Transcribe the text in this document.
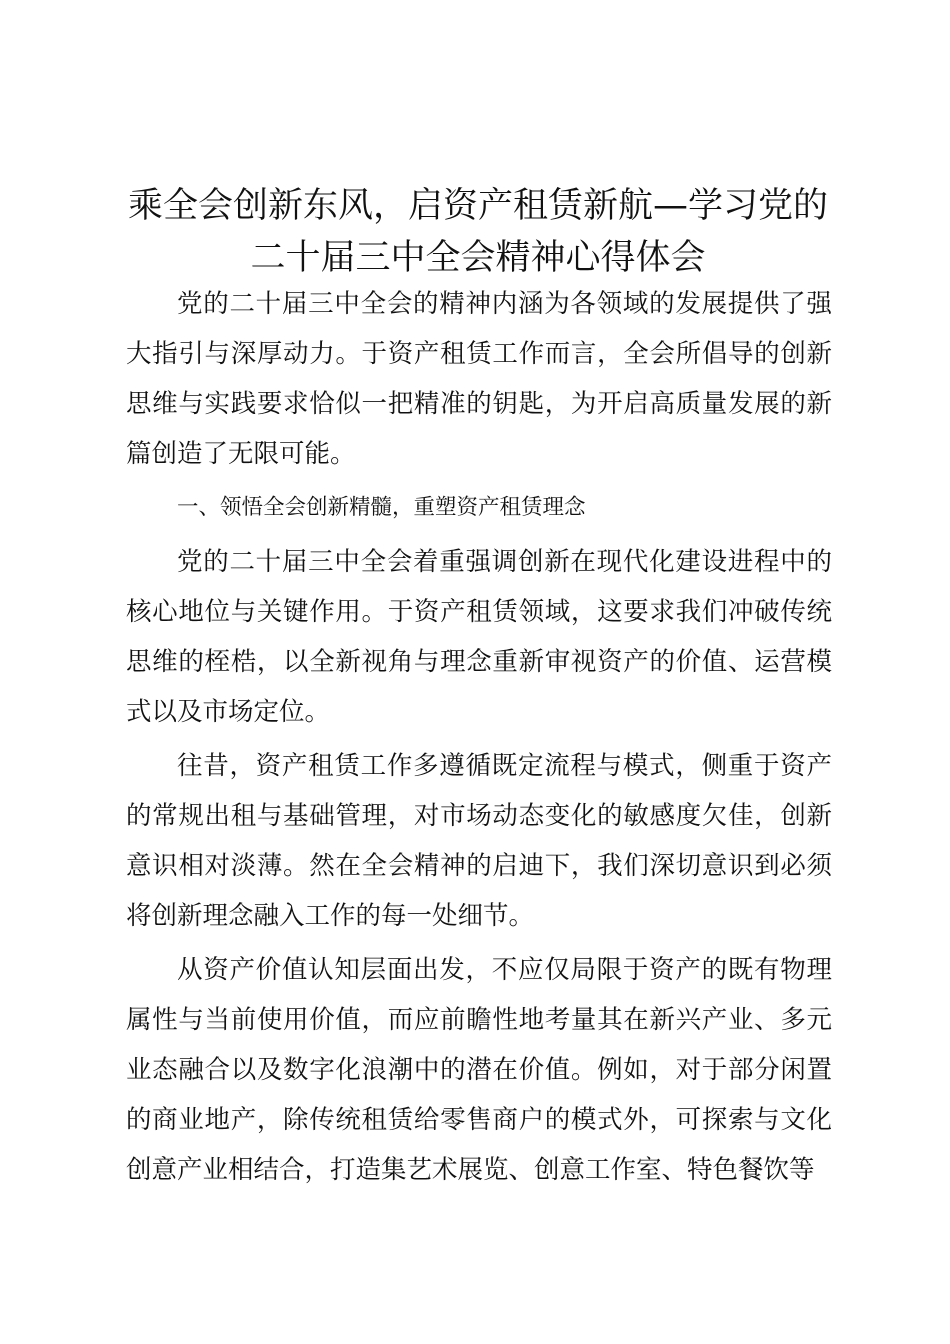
乘全会创新东风，启资产租赁新航—学习党的
二十届三中全会精神心得体会

党的二十届三中全会的精神内涵为各领域的发展提供了强大指引与深厚动力。于资产租赁工作而言，全会所倡导的创新思维与实践要求恰似一把精准的钥匙，为开启高质量发展的新篇创造了无限可能。

一、领悟全会创新精髓，重塑资产租赁理念

党的二十届三中全会着重强调创新在现代化建设进程中的核心地位与关键作用。于资产租赁领域，这要求我们冲破传统思维的桎梏，以全新视角与理念重新审视资产的价值、运营模式以及市场定位。

往昔，资产租赁工作多遵循既定流程与模式，侧重于资产的常规出租与基础管理，对市场动态变化的敏感度欠佳，创新意识相对淡薄。然在全会精神的启迪下，我们深切意识到必须将创新理念融入工作的每一处细节。

从资产价值认知层面出发，不应仅局限于资产的既有物理属性与当前使用价值，而应前瞻性地考量其在新兴产业、多元业态融合以及数字化浪潮中的潜在价值。例如，对于部分闲置的商业地产，除传统租赁给零售商户的模式外，可探索与文化创意产业相结合，打造集艺术展览、创意工作室、特色餐饮等
